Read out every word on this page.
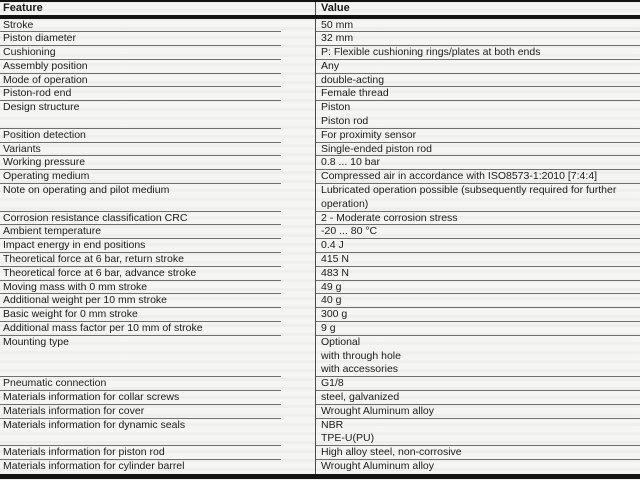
Feature	Value
Stroke	50 mm
Piston diameter	32 mm
Cushioning	P: Flexible cushioning rings/plates at both ends
Assembly position	Any
Mode of operation	double-acting
Piston-rod end	Female thread
Design structure	Piston
Piston rod
Position detection	For proximity sensor
Variants	Single-ended piston rod
Working pressure	0.8 ... 10 bar
Operating medium	Compressed air in accordance with ISO8573-1:2010 [7:4:4]
Note on operating and pilot medium	Lubricated operation possible (subsequently required for further
operation)
Corrosion resistance classification CRC	2 - Moderate corrosion stress
Ambient temperature	-20 ... 80 °C
Impact energy in end positions	0.4 J
Theoretical force at 6 bar, return stroke	415 N
Theoretical force at 6 bar, advance stroke	483 N
Moving mass with 0 mm stroke	49 g
Additional weight per 10 mm stroke	40 g
Basic weight for 0 mm stroke	300 g
Additional mass factor per 10 mm of stroke	9 g
Mounting type	Optional
with through hole
with accessories
Pneumatic connection	G1/8
Materials information for collar screws	steel, galvanized
Materials information for cover	Wrought Aluminum alloy
Materials information for dynamic seals	NBR
TPE-U(PU)
Materials information for piston rod	High alloy steel, non-corrosive
Materials information for cylinder barrel	Wrought Aluminum alloy
